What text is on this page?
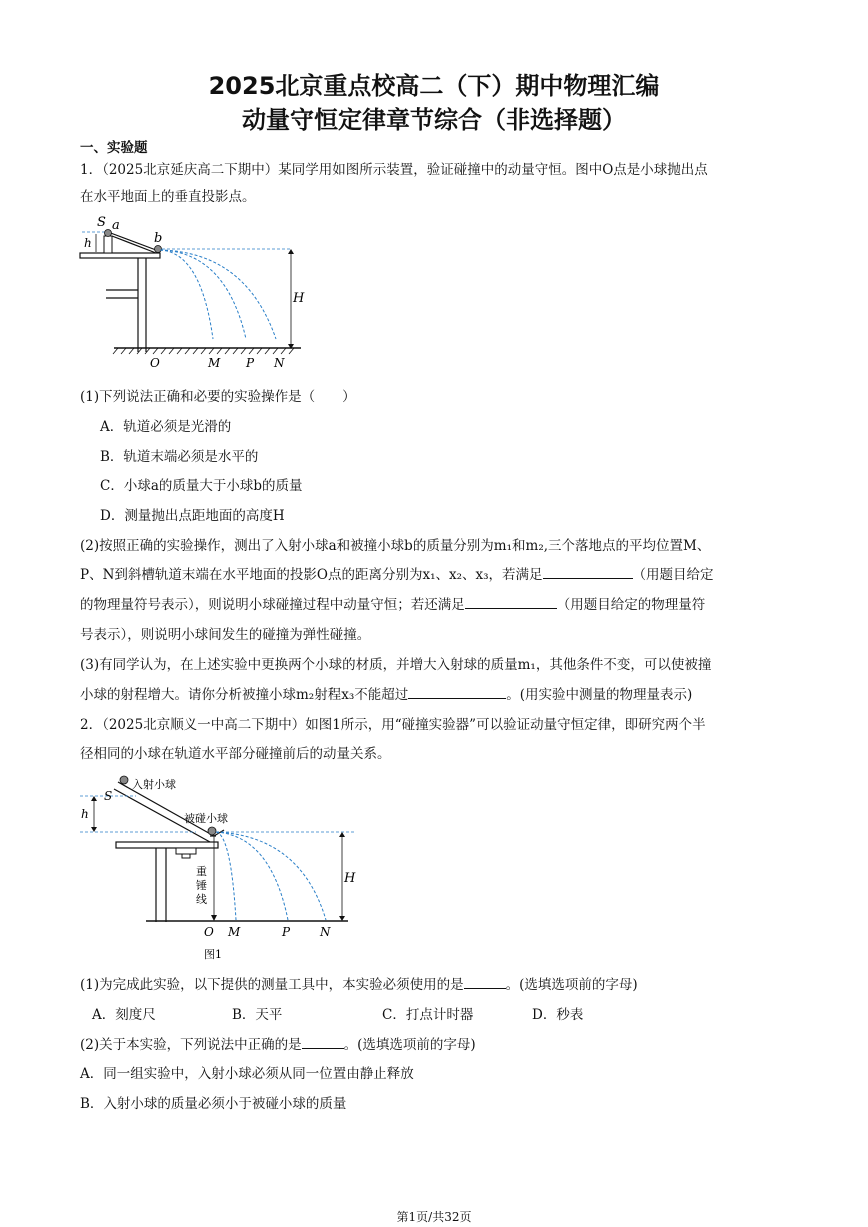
2025北京重点校高二（下）期中物理汇编
动量守恒定律章节综合（非选择题）
一、实验题
1．（2025北京延庆高二下期中）某同学用如图所示装置，验证碰撞中的动量守恒。图中O点是小球抛出点
在水平地面上的垂直投影点。
S a
h	b
H
O	M P N
(1)下列说法正确和必要的实验操作是（　　）
A．轨道必须是光滑的
B．轨道末端必须是水平的
C．小球a的质量大于小球b的质量
D．测量抛出点距地面的高度H
(2)按照正确的实验操作，测出了入射小球a和被撞小球b的质量分别为m₁和m₂,三个落地点的平均位置M、
P、N到斜槽轨道末端在水平地面的投影O点的距离分别为x₁、x₂、x₃，若满足	（用题目给定
的物理量符号表示），则说明小球碰撞过程中动量守恒；若还满足	（用题目给定的物理量符
号表示），则说明小球间发生的碰撞为弹性碰撞。
(3)有同学认为，在上述实验中更换两个小球的材质，并增大入射球的质量m₁，其他条件不变，可以使被撞
小球的射程增大。请你分析被撞小球m₂射程x₃不能超过	。(用实验中测量的物理量表示)
2．（2025北京顺义一中高二下期中）如图1所示，用“碰撞实验器”可以验证动量守恒定律，即研究两个半
径相同的小球在轨道水平部分碰撞前后的动量关系。
入射小球
S
h	被碰小球
H
重
锤
线
O M	P N
图1
(1)为完成此实验，以下提供的测量工具中，本实验必须使用的是	。(选填选项前的字母)
A．刻度尺	B．天平	C．打点计时器	D．秒表
(2)关于本实验，下列说法中正确的是	。(选填选项前的字母)
A．同一组实验中，入射小球必须从同一位置由静止释放
B．入射小球的质量必须小于被碰小球的质量
第1页/共32页
